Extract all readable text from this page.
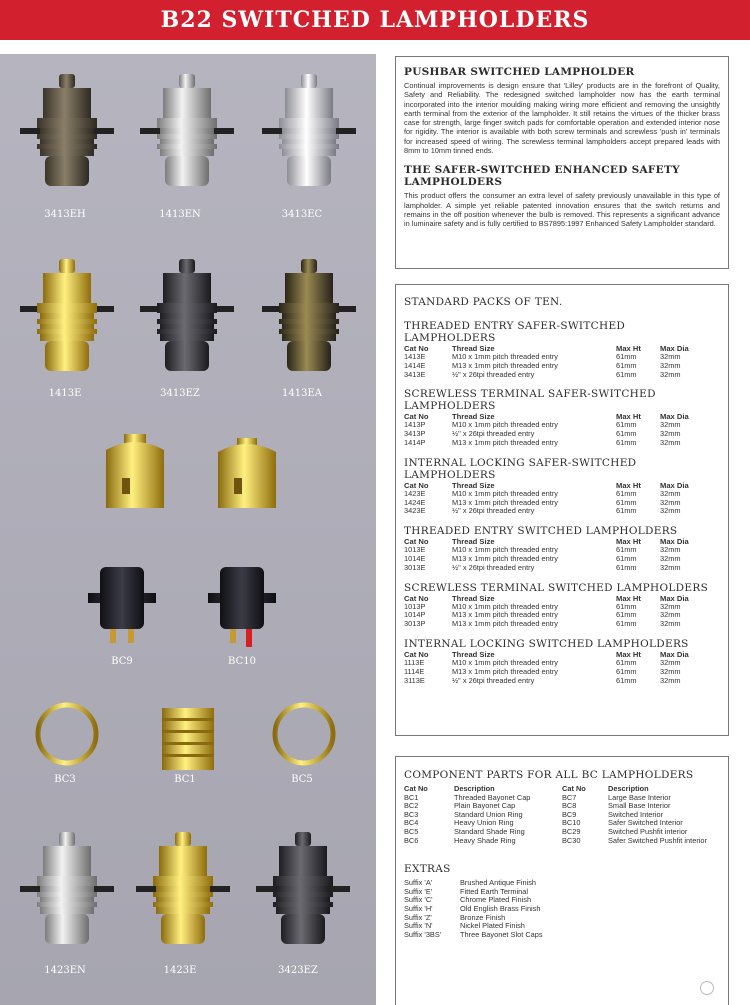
B22 SWITCHED LAMPHOLDERS
3413EH	1413EN	3413EC
1413E	3413EZ	1413EA
BC9	BC10
BC3	BC1	BC5
1423EN	1423E	3423EZ
PUSHBAR SWITCHED LAMPHOLDER

Continual improvements is design ensure that 'Lilley' products are in the forefront of Quality, Safety and Reliability. The redesigned switched lampholder now has the earth terminal incorporated into the interior moulding making wiring more efficient and removing the unsightly earth terminal from the exterior of the lampholder. It still retains the virtues of the thicker brass case for strength, large finger switch pads for comfortable operation and extended interior nose for rigidity. The interior is available with both screw terminals and screwless 'push in' terminals for increased speed of wiring. The screwless terminal lampholders accept prepared leads with 8mm to 10mm tinned ends.

THE SAFER-SWITCHED ENHANCED SAFETY LAMPHOLDERS

This product offers the consumer an extra level of safety previously unavailable in this type of lampholder. A simple yet reliable patented innovation ensures that the switch returns and remains in the off position whenever the bulb is removed. This represents a significant advance in luminaire safety and is fully certified to BS7895:1997 Enhanced Safety Lampholder standard.

STANDARD PACKS OF TEN.
THREADED ENTRY SAFER-SWITCHED LAMPHOLDERS
Cat No	Thread Size	Max Ht	Max Dia
1413E	M10 x 1mm pitch threaded entry	61mm	32mm
1414E	M13 x 1mm pitch threaded entry	61mm	32mm
3413E	½" x 26tpi threaded entry	61mm	32mm
SCREWLESS TERMINAL SAFER-SWITCHED LAMPHOLDERS
Cat No	Thread Size	Max Ht	Max Dia
1413P	M10 x 1mm pitch threaded entry	61mm	32mm
3413P	½" x 26tpi threaded entry	61mm	32mm
1414P	M13 x 1mm pitch threaded entry	61mm	32mm
INTERNAL LOCKING SAFER-SWITCHED LAMPHOLDERS
Cat No	Thread Size	Max Ht	Max Dia
1423E	M10 x 1mm pitch threaded entry	61mm	32mm
1424E	M13 x 1mm pitch threaded entry	61mm	32mm
3423E	½" x 26tpi threaded entry	61mm	32mm
THREADED ENTRY SWITCHED LAMPHOLDERS
Cat No	Thread Size	Max Ht	Max Dia
1013E	M10 x 1mm pitch threaded entry	61mm	32mm
1014E	M13 x 1mm pitch threaded entry	61mm	32mm
3013E	½" x 26tpi threaded entry	61mm	32mm
SCREWLESS TERMINAL SWITCHED LAMPHOLDERS
Cat No	Thread Size	Max Ht	Max Dia
1013P	M10 x 1mm pitch threaded entry	61mm	32mm
1014P	M13 x 1mm pitch threaded entry	61mm	32mm
3013P	M13 x 1mm pitch threaded entry	61mm	32mm
INTERNAL LOCKING SWITCHED LAMPHOLDERS
Cat No	Thread Size	Max Ht	Max Dia
1113E	M10 x 1mm pitch threaded entry	61mm	32mm
1114E	M13 x 1mm pitch threaded entry	61mm	32mm
3113E	½" x 26tpi threaded entry	61mm	32mm
COMPONENT PARTS FOR ALL BC LAMPHOLDERS
Cat No	Description	Cat No	Description
BC1	Threaded Bayonet Cap	BC7	Large Base Interior
BC2	Plain Bayonet Cap	BC8	Small Base Interior
BC3	Standard Union Ring	BC9	Switched Interior
BC4	Heavy Union Ring	BC10	Safer Switched Interior
BC5	Standard Shade Ring	BC29	Switched Pushfit interior
BC6	Heavy Shade Ring	BC30	Safer Switched Pushfit interior
EXTRAS
Suffix 'A'	Brushed Antique Finish
Suffix 'E'	Fitted Earth Terminal
Suffix 'C'	Chrome Plated Finish
Suffix 'H'	Old English Brass Finish
Suffix 'Z'	Bronze Finish
Suffix 'N'	Nickel Plated Finish
Suffix '3BS'	Three Bayonet Slot Caps
